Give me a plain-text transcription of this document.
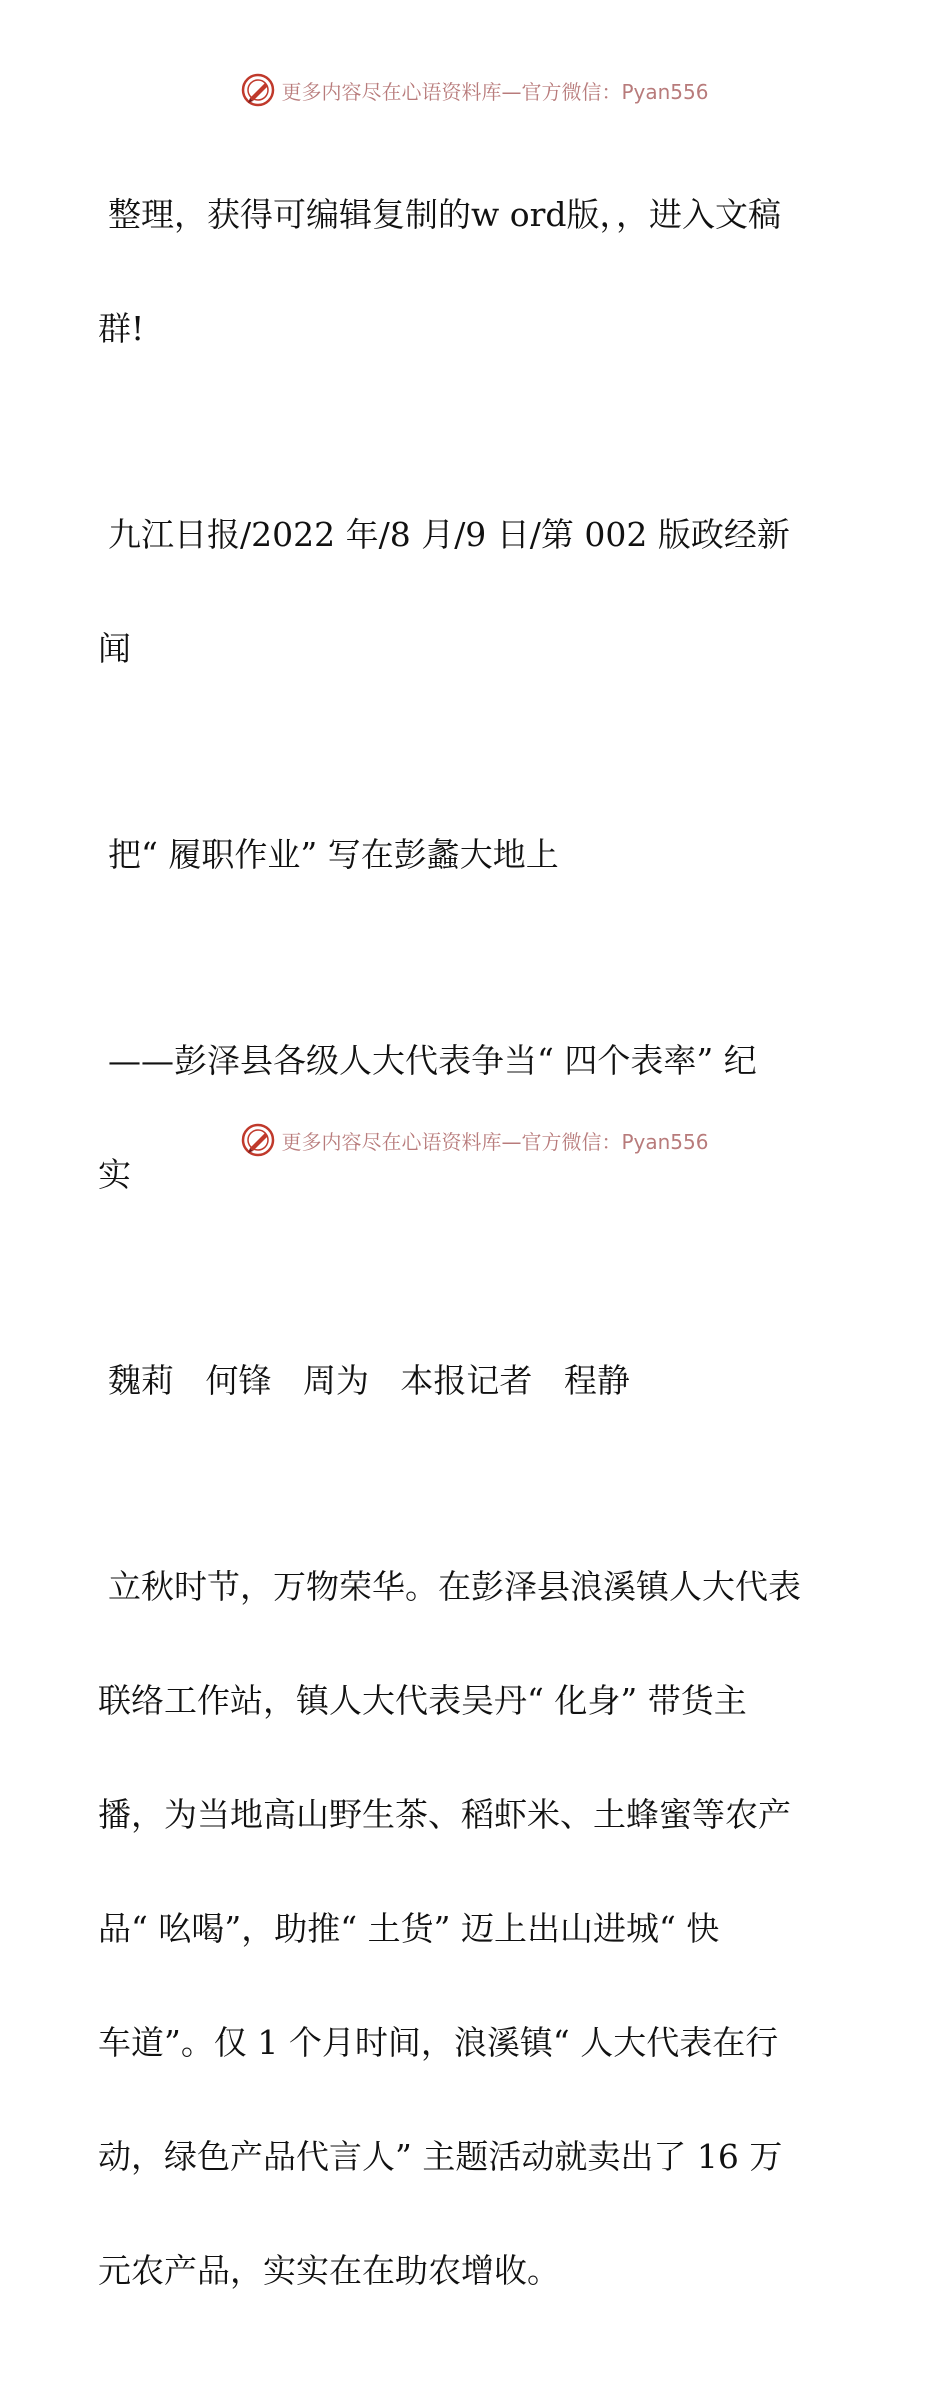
更多内容尽在心语资料库—官方微信：Pyan556

整理，获得可编辑复制的w ord版，，进入文稿

群!

九江日报/2022 年/8 月/9 日/第 002 版政经新

闻

把“ 履职作业” 写在彭蠡大地上

——彭泽县各级人大代表争当“ 四个表率” 纪

实

魏莉   何锋   周为   本报记者   程静

立秋时节，万物荣华。在彭泽县浪溪镇人大代表

联络工作站，镇人大代表吴丹“ 化身” 带货主

播，为当地高山野生茶、稻虾米、土蜂蜜等农产

品“ 吆喝”，助推“ 土货” 迈上出山进城“ 快

车道”。仅 1 个月时间，浪溪镇“ 人大代表在行

动，绿色产品代言人” 主题活动就卖出了 16 万

元农产品，实实在在助农增收。

更多内容尽在心语资料库—官方微信：Pyan556
